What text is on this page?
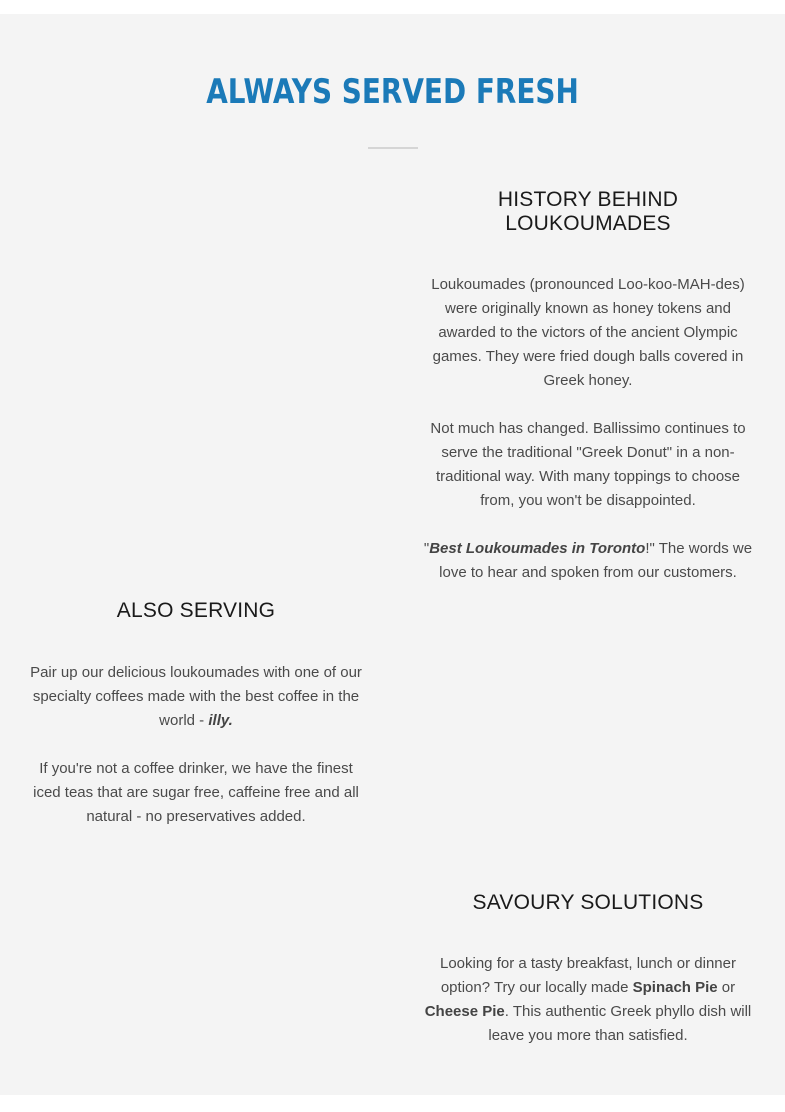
ALWAYS SERVED FRESH
HISTORY BEHIND LOUKOUMADES

Loukoumades (pronounced Loo-koo-MAH-des) were originally known as honey tokens and awarded to the victors of the ancient Olympic games. They were fried dough balls covered in Greek honey.

Not much has changed. Ballissimo continues to serve the traditional "Greek Donut" in a non-traditional way. With many toppings to choose from, you won't be disappointed.

"Best Loukoumades in Toronto!" The words we love to hear and spoken from our customers.

ALSO SERVING

Pair up our delicious loukoumades with one of our specialty coffees made with the best coffee in the world - illy.

If you're not a coffee drinker, we have the finest iced teas that are sugar free, caffeine free and all natural - no preservatives added.

SAVOURY SOLUTIONS

Looking for a tasty breakfast, lunch or dinner option? Try our locally made Spinach Pie or Cheese Pie. This authentic Greek phyllo dish will leave you more than satisfied.
